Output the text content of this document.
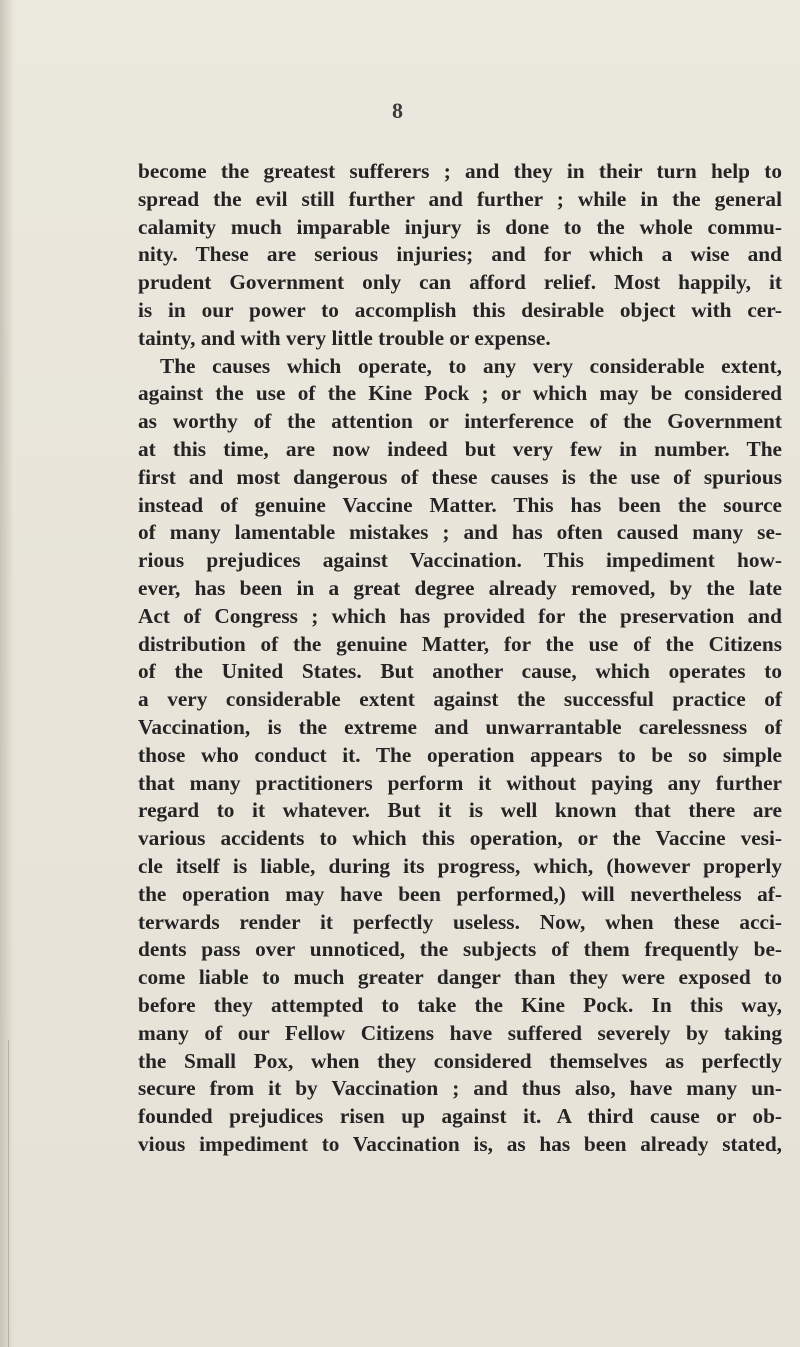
8
become the greatest sufferers ; and they in their turn help to
spread the evil still further and further ; while in the general
calamity much imparable injury is done to the whole commu-
nity. These are serious injuries; and for which a wise and
prudent Government only can afford relief. Most happily, it
is in our power to accomplish this desirable object with cer-
tainty, and with very little trouble or expense.
The causes which operate, to any very considerable extent,
against the use of the Kine Pock ; or which may be considered
as worthy of the attention or interference of the Government
at this time, are now indeed but very few in number. The
first and most dangerous of these causes is the use of spurious
instead of genuine Vaccine Matter. This has been the source
of many lamentable mistakes ; and has often caused many se-
rious prejudices against Vaccination. This impediment how-
ever, has been in a great degree already removed, by the late
Act of Congress ; which has provided for the preservation and
distribution of the genuine Matter, for the use of the Citizens
of the United States. But another cause, which operates to
a very considerable extent against the successful practice of
Vaccination, is the extreme and unwarrantable carelessness of
those who conduct it. The operation appears to be so simple
that many practitioners perform it without paying any further
regard to it whatever. But it is well known that there are
various accidents to which this operation, or the Vaccine vesi-
cle itself is liable, during its progress, which, (however properly
the operation may have been performed,) will nevertheless af-
terwards render it perfectly useless. Now, when these acci-
dents pass over unnoticed, the subjects of them frequently be-
come liable to much greater danger than they were exposed to
before they attempted to take the Kine Pock. In this way,
many of our Fellow Citizens have suffered severely by taking
the Small Pox, when they considered themselves as perfectly
secure from it by Vaccination ; and thus also, have many un-
founded prejudices risen up against it. A third cause or ob-
vious impediment to Vaccination is, as has been already stated,
